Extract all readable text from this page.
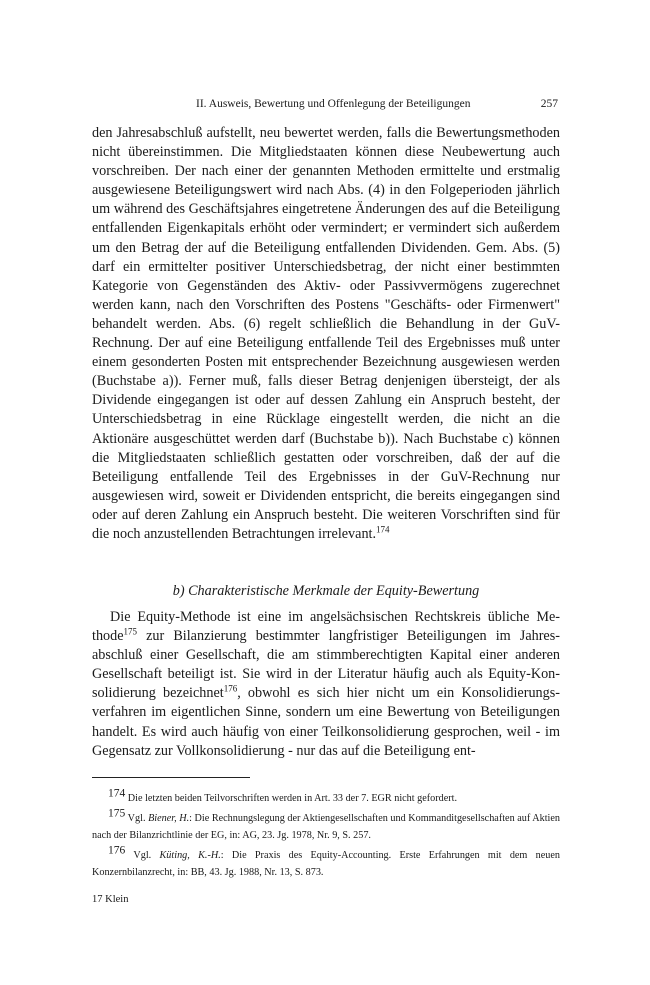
II. Ausweis, Bewertung und Offenlegung der Beteiligungen	257

den Jahresabschluß aufstellt, neu bewertet werden, falls die Bewertungsmethoden nicht übereinstimmen. Die Mitgliedstaaten können diese Neubewertung auch vorschreiben. Der nach einer der genannten Methoden ermittelte und erstmalig ausgewiesene Beteiligungswert wird nach Abs. (4) in den Folgeperioden jährlich um während des Geschäftsjahres eingetretene Änderungen des auf die Beteiligung entfallenden Eigenkapitals erhöht oder vermindert; er vermindert sich außerdem um den Betrag der auf die Beteiligung entfallenden Dividenden. Gem. Abs. (5) darf ein ermittelter positiver Unterschiedsbetrag, der nicht einer bestimmten Kategorie von Gegenständen des Aktiv- oder Passivvermögens zugerechnet werden kann, nach den Vorschriften des Postens "Geschäfts- oder Firmenwert" behandelt werden. Abs. (6) regelt schließlich die Behandlung in der GuV-Rechnung. Der auf eine Beteiligung entfallende Teil des Ergebnisses muß unter einem gesonderten Posten mit entsprechender Bezeichnung ausgewiesen werden (Buchstabe a)). Ferner muß, falls dieser Betrag denjenigen übersteigt, der als Dividende eingegangen ist oder auf dessen Zahlung ein Anspruch besteht, der Unterschiedsbetrag in eine Rücklage eingestellt werden, die nicht an die Aktionäre ausgeschüttet werden darf (Buchstabe b)). Nach Buchstabe c) können die Mitgliedstaaten schließlich gestatten oder vorschreiben, daß der auf die Beteiligung entfallende Teil des Ergebnisses in der GuV-Rechnung nur ausgewiesen wird, soweit er Dividenden entspricht, die bereits eingegangen sind oder auf deren Zahlung ein Anspruch besteht. Die weiteren Vorschriften sind für die noch anzustellenden Betrachtungen irrelevant.$^{174}$

b) Charakteristische Merkmale der Equity-Bewertung

Die Equity-Methode ist eine im angelsächsischen Rechtskreis übliche Methode$^{175}$ zur Bilanzierung bestimmter langfristiger Beteiligungen im Jahresabschluß einer Gesellschaft, die am stimmberechtigten Kapital einer anderen Gesellschaft beteiligt ist. Sie wird in der Literatur häufig auch als Equity-Konsolidierung bezeichnet$^{176}$, obwohl es sich hier nicht um ein Konsolidierungsverfahren im eigentlichen Sinne, sondern um eine Bewertung von Beteiligungen handelt. Es wird auch häufig von einer Teilkonsolidierung gesprochen, weil - im Gegensatz zur Vollkonsolidierung - nur das auf die Beteiligung ent-

$^{174}$ Die letzten beiden Teilvorschriften werden in Art. 33 der 7. EGR nicht gefordert.

$^{175}$ Vgl. Biener, H.: Die Rechnungslegung der Aktiengesellschaften und Kommanditgesellschaften auf Aktien nach der Bilanzrichtlinie der EG, in: AG, 23. Jg. 1978, Nr. 9, S. 257.

$^{176}$ Vgl. Küting, K.-H.: Die Praxis des Equity-Accounting. Erste Erfahrungen mit dem neuen Konzernbilanzrecht, in: BB, 43. Jg. 1988, Nr. 13, S. 873.

17 Klein
